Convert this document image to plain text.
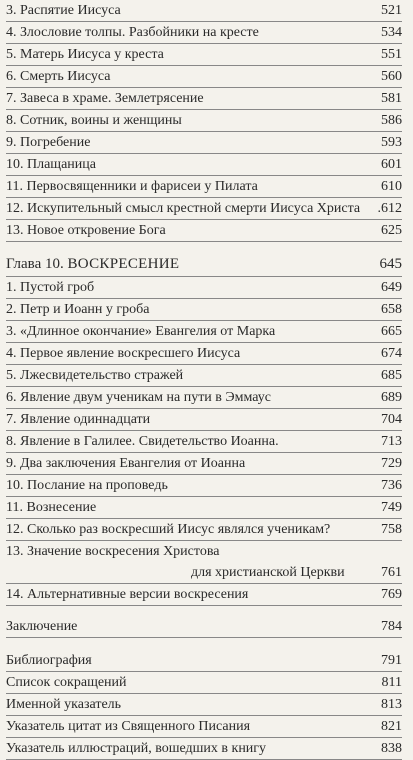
3. Распятие Иисуса	521
4. Злословие толпы. Разбойники на кресте	534
5. Матерь Иисуса у креста	551
6. Смерть Иисуса	560
7. Завеса в храме. Землетрясение	581
8. Сотник, воины и женщины	586
9. Погребение	593
10. Плащаница	601
11. Первосвященники и фарисеи у Пилата	610
12. Искупительный смысл крестной смерти Иисуса Христа .612
13. Новое откровение Бога	625
Глава 10. ВОСКРЕСЕНИЕ	645
1. Пустой гроб	649
2. Петр и Иоанн у гроба	658
3. «Длинное окончание» Евангелия от Марка	665
4. Первое явление воскресшего Иисуса	674
5. Лжесвидетельство стражей	685
6. Явление двум ученикам на пути в Эммаус	689
7. Явление одиннадцати	704
8. Явление в Галилее. Свидетельство Иоанна.	713
9. Два заключения Евангелия от Иоанна	729
10. Послание на проповедь	736
11. Вознесение	749
12. Сколько раз воскресший Иисус являлся ученикам?	758
13. Значение воскресения Христова
для христианской Церкви	761
14. Альтернативные версии воскресения	769
Заключение	784
Библиография	791
Список сокращений	811
Именной указатель	813
Указатель цитат из Священного Писания	821
Указатель иллюстраций, вошедших в книгу	838
